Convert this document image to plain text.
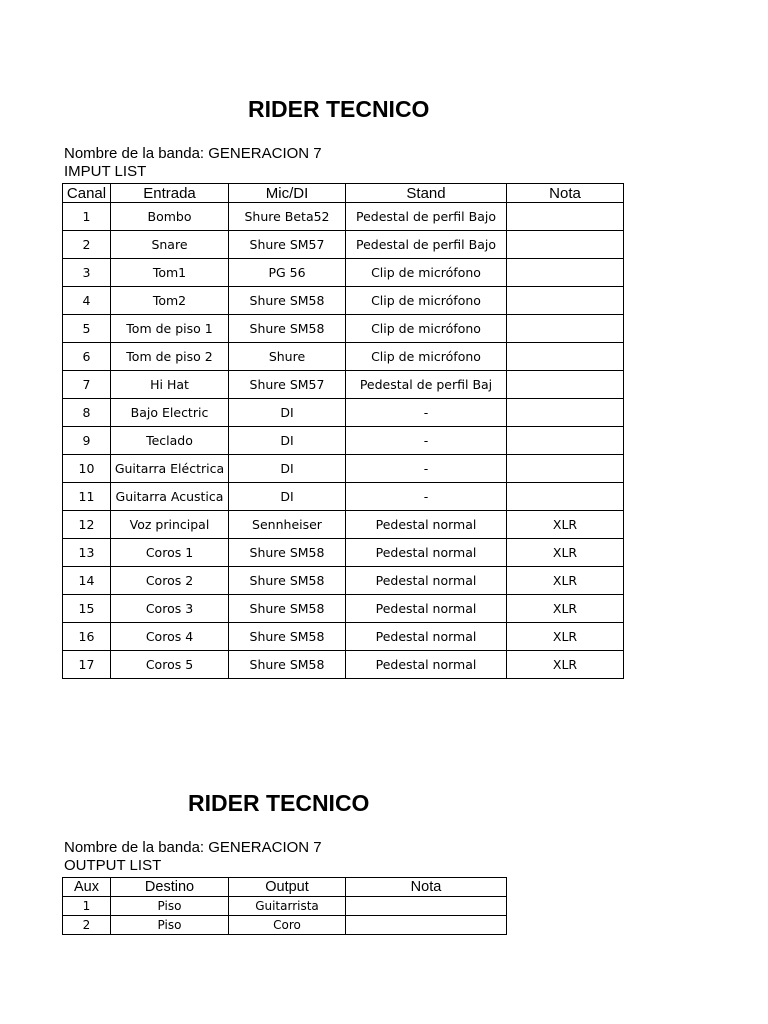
RIDER TECNICO
Nombre de la banda: GENERACION 7
IMPUT LIST
Canal	Entrada	Mic/DI	Stand	Nota
1	Bombo	Shure Beta52	Pedestal de perfil Bajo	
2	Snare	Shure SM57	Pedestal de perfil Bajo	
3	Tom1	PG 56	Clip de micrófono	
4	Tom2	Shure SM58	Clip de micrófono	
5	Tom de piso 1	Shure SM58	Clip de micrófono	
6	Tom de piso 2	Shure	Clip de micrófono	
7	Hi Hat	Shure SM57	Pedestal de perfil Baj	
8	Bajo Electric	DI	-	
9	Teclado	DI	-	
10	Guitarra Eléctrica	DI	-	
11	Guitarra Acustica	DI	-	
12	Voz principal	Sennheiser	Pedestal normal	XLR
13	Coros 1	Shure SM58	Pedestal normal	XLR
14	Coros 2	Shure SM58	Pedestal normal	XLR
15	Coros 3	Shure SM58	Pedestal normal	XLR
16	Coros 4	Shure SM58	Pedestal normal	XLR
17	Coros 5	Shure SM58	Pedestal normal	XLR
RIDER TECNICO
Nombre de la banda: GENERACION 7
OUTPUT LIST
Aux	Destino	Output	Nota
1	Piso	Guitarrista	
2	Piso	Coro	
